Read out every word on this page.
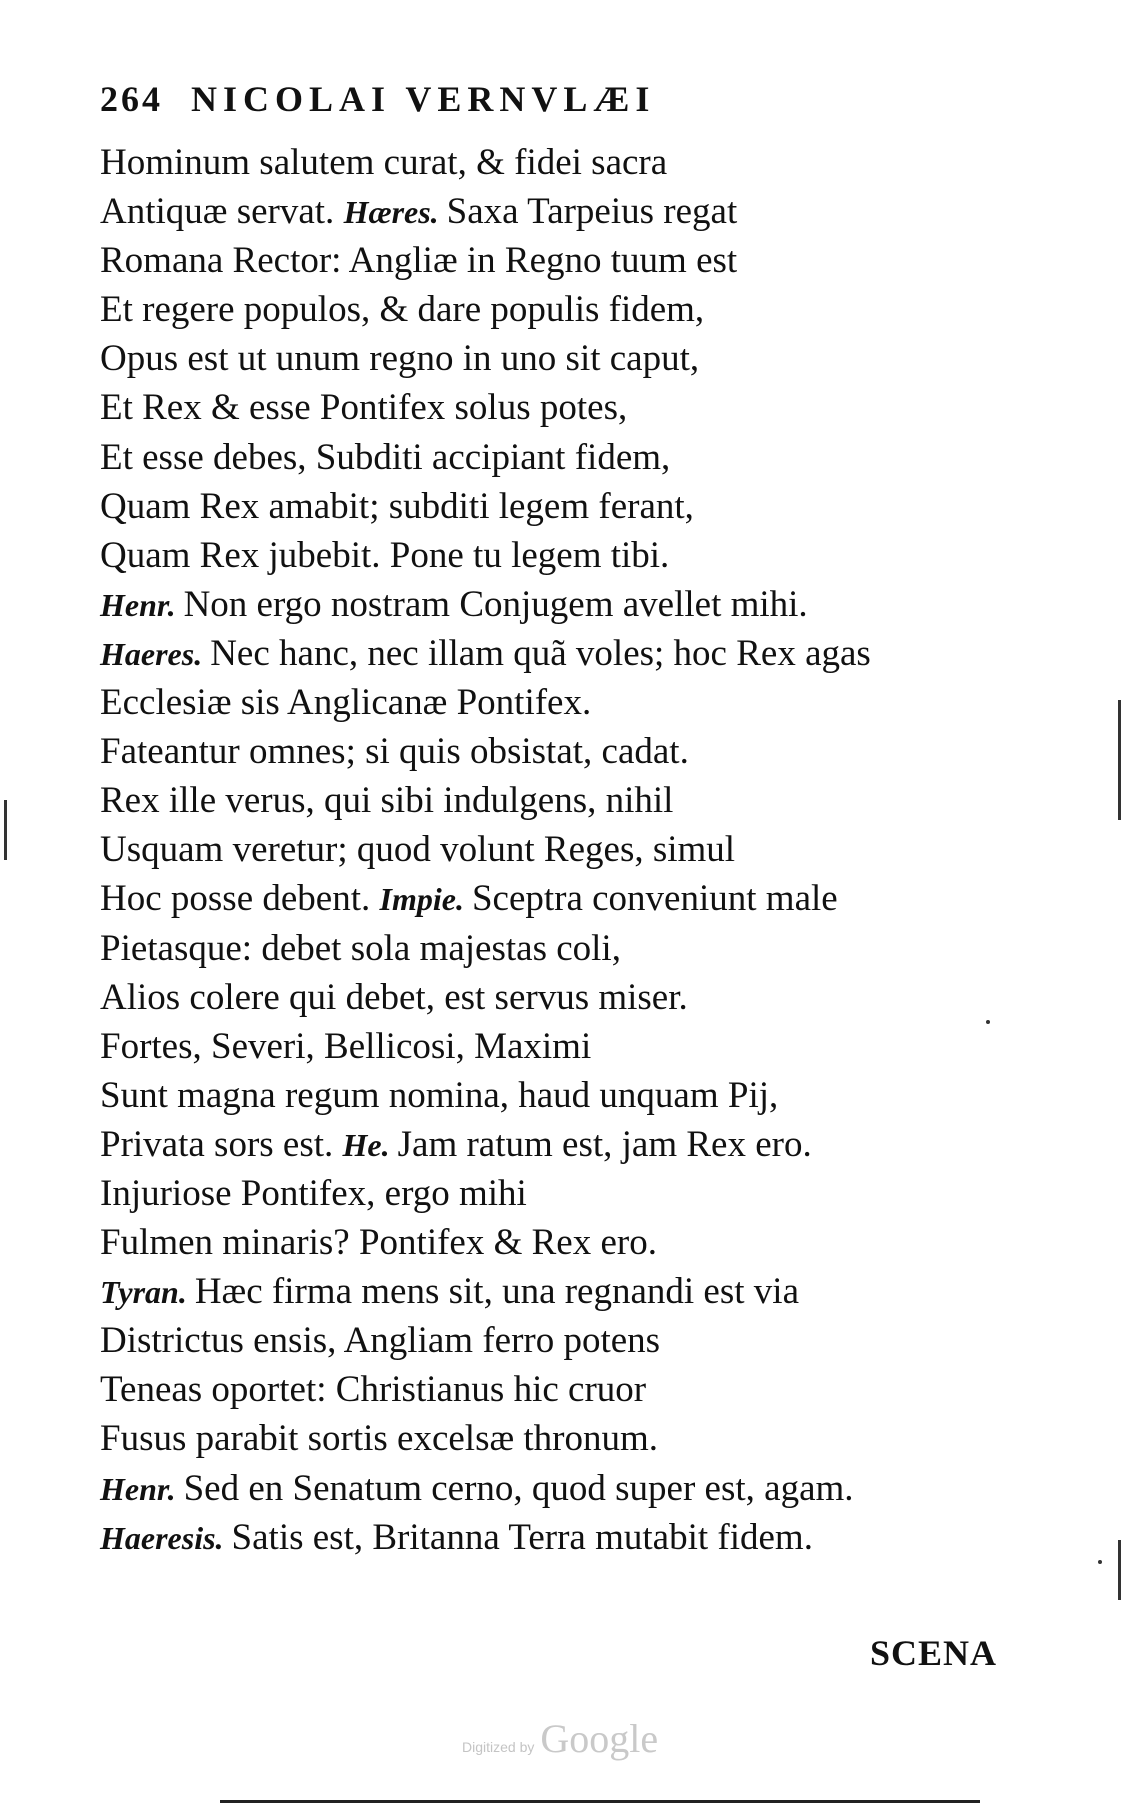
264 NICOLAI VERNVLÆI
Hominum salutem curat, & fidei sacra
Antiquæ servat. Hæres. Saxa Tarpeius regat
Romana Rector: Angliæ in Regno tuum est
Et regere populos, & dare populis fidem,
Opus est ut unum regno in uno sit caput,
Et Rex & esse Pontifex solus potes,
Et esse debes, Subditi accipiant fidem,
Quam Rex amabit; subditi legem ferant,
Quam Rex jubebit. Pone tu legem tibi.
Henr. Non ergo nostram Conjugem avellet mihi.
Haeres. Nec hanc, nec illam quã voles; hoc Rex agas
Ecclesiæ sis Anglicanæ Pontifex.
Fateantur omnes; si quis obsistat, cadat.
Rex ille verus, qui sibi indulgens, nihil
Usquam veretur; quod volunt Reges, simul
Hoc posse debent. Impie. Sceptra conveniunt male
Pietasque: debet sola majestas coli,
Alios colere qui debet, est servus miser.
Fortes, Severi, Bellicosi, Maximi
Sunt magna regum nomina, haud unquam Pij,
Privata sors est. He. Jam ratum est, jam Rex ero.
Injuriose Pontifex, ergo mihi
Fulmen minaris? Pontifex & Rex ero.
Tyran. Hæc firma mens sit, una regnandi est via
Districtus ensis, Angliam ferro potens
Teneas oportet: Christianus hic cruor
Fusus parabit sortis excelsæ thronum.
Henr. Sed en Senatum cerno, quod super est, agam.
Haeresis. Satis est, Britanna Terra mutabit fidem.
SCENA
Digitized by Google
